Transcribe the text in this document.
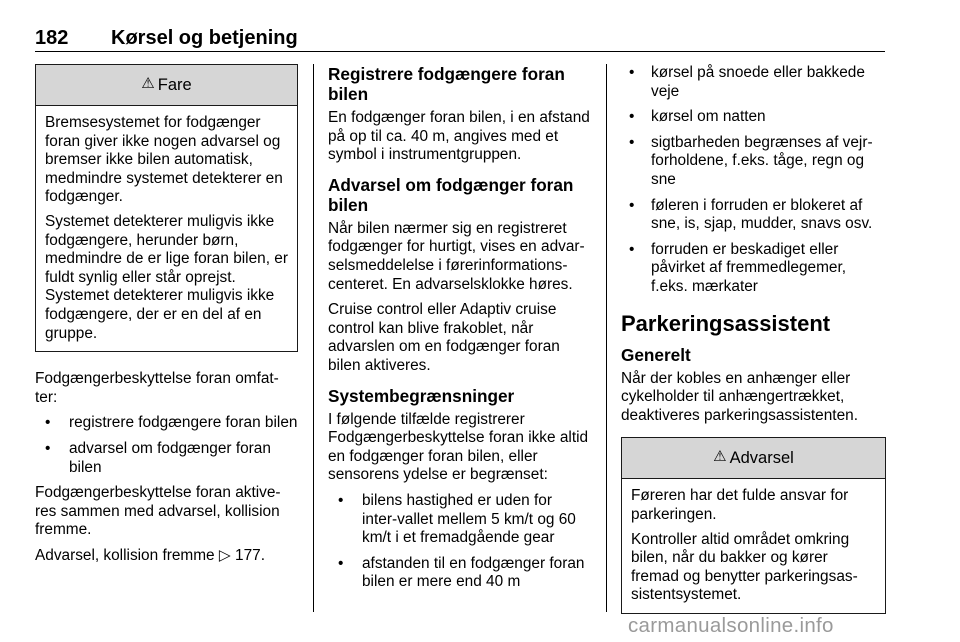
182 Kørsel og betjening
⚠ Fare

Bremsesystemet for fodgænger foran giver ikke nogen advarsel og bremser ikke bilen automatisk, medmindre systemet detekterer en fodgænger.

Systemet detekterer muligvis ikke fodgængere, herunder børn, medmindre de er lige foran bilen, er fuldt synlig eller står oprejst. Systemet detekterer muligvis ikke fodgængere, der er en del af en gruppe.

Fodgængerbeskyttelse foran omfat-ter:

• registrere fodgængere foran bilen
• advarsel om fodgænger foran bilen

Fodgængerbeskyttelse foran aktive-res sammen med advarsel, kollision fremme.

Advarsel, kollision fremme ▷ 177.

Registrere fodgængere foran bilen

En fodgænger foran bilen, i en afstand på op til ca. 40 m, angives med et symbol i instrumentgruppen.

Advarsel om fodgænger foran bilen

Når bilen nærmer sig en registreret fodgænger for hurtigt, vises en advar-selsmeddelelse i førerinformations-centeret. En advarselsklokke høres.

Cruise control eller Adaptiv cruise control kan blive frakoblet, når advarslen om en fodgænger foran bilen aktiveres.

Systembegrænsninger

I følgende tilfælde registrerer Fodgængerbeskyttelse foran ikke altid en fodgænger foran bilen, eller sensorens ydelse er begrænset:

• bilens hastighed er uden for inter-vallet mellem 5 km/t og 60 km/t i et fremadgående gear
• afstanden til en fodgænger foran bilen er mere end 40 m
• kørsel på snoede eller bakkede veje
• kørsel om natten
• sigtbarheden begrænses af vejr-forholdene, f.eks. tåge, regn og sne
• føleren i forruden er blokeret af sne, is, sjap, mudder, snavs osv.
• forruden er beskadiget eller påvirket af fremmedlegemer, f.eks. mærkater
Parkeringsassistent
Generelt

Når der kobles en anhænger eller cykelholder til anhængertrækket, deaktiveres parkeringsassistenten.

⚠ Advarsel

Føreren har det fulde ansvar for parkeringen.

Kontroller altid området omkring bilen, når du bakker og kører fremad og benytter parkeringsas-sistentsystemet.

carmanualsonline.info
